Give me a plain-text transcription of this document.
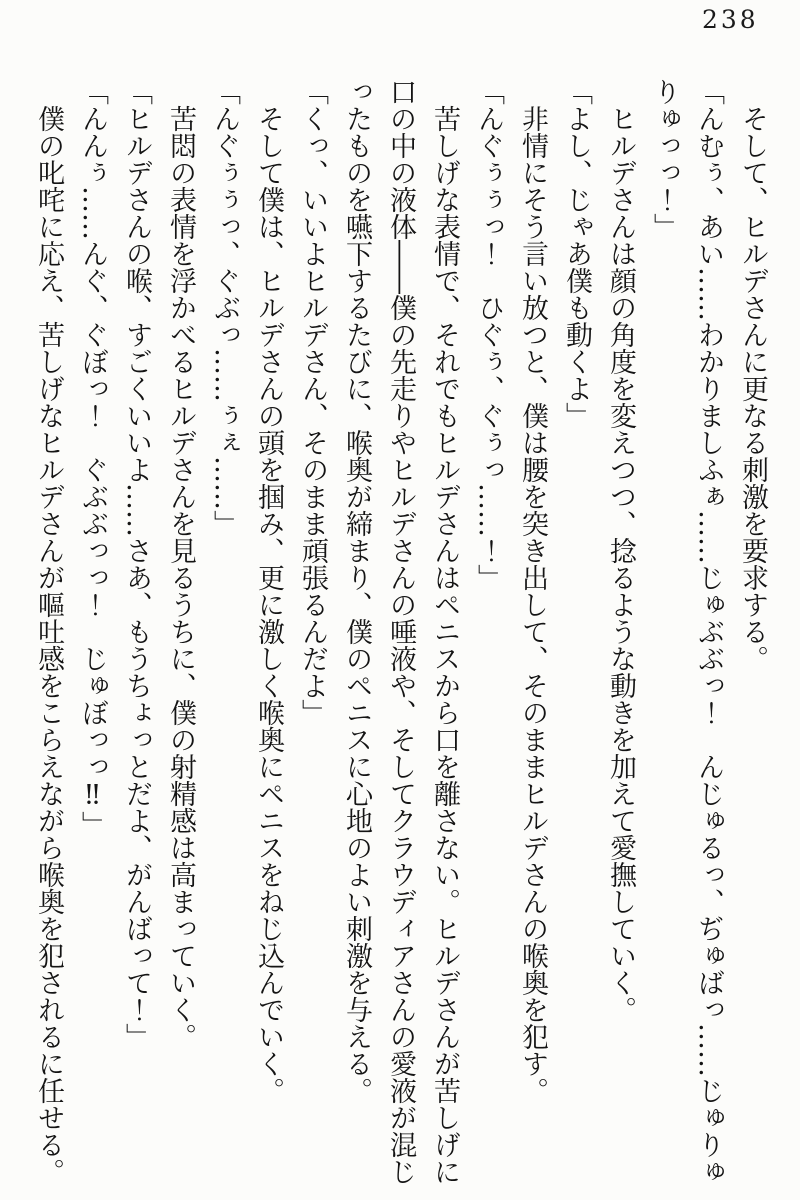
238

　そして、ヒルデさんに更なる刺激を要求する。

「んむぅ、あい……わかりましふぁ……じゅぶぶっ！　んじゅるっ、ぢゅばっ……じゅりゅりゅっっ！」

　ヒルデさんは顔の角度を変えつつ、捻るような動きを加えて愛撫していく。

「よし、じゃあ僕も動くよ」

　非情にそう言い放つと、僕は腰を突き出して、そのままヒルデさんの喉奥を犯す。

「んぐぅぅっ！　ひぐぅ、ぐぅっ……！」

　苦しげな表情で、それでもヒルデさんはペニスから口を離さない。ヒルデさんが苦しげに口の中の液体――僕の先走りやヒルデさんの唾液や、そしてクラウディアさんの愛液が混じったものを嚥下するたびに、喉奥が締まり、僕のペニスに心地のよい刺激を与える。

「くっ、いいよヒルデさん、そのまま頑張るんだよ」

　そして僕は、ヒルデさんの頭を掴み、更に激しく喉奥にペニスをねじ込んでいく。

「んぐぅぅっ、ぐぶっ……ぅぇ……」

　苦悶の表情を浮かべるヒルデさんを見るうちに、僕の射精感は高まっていく。

「ヒルデさんの喉、すごくいいよ……さあ、もうちょっとだよ、がんばって！」

「んんぅ……んぐ、ぐぼっ！　ぐぶぶっっ！　じゅぼっっ‼」

　僕の叱咤に応え、苦しげなヒルデさんが嘔吐感をこらえながら喉奥を犯されるに任せる。
